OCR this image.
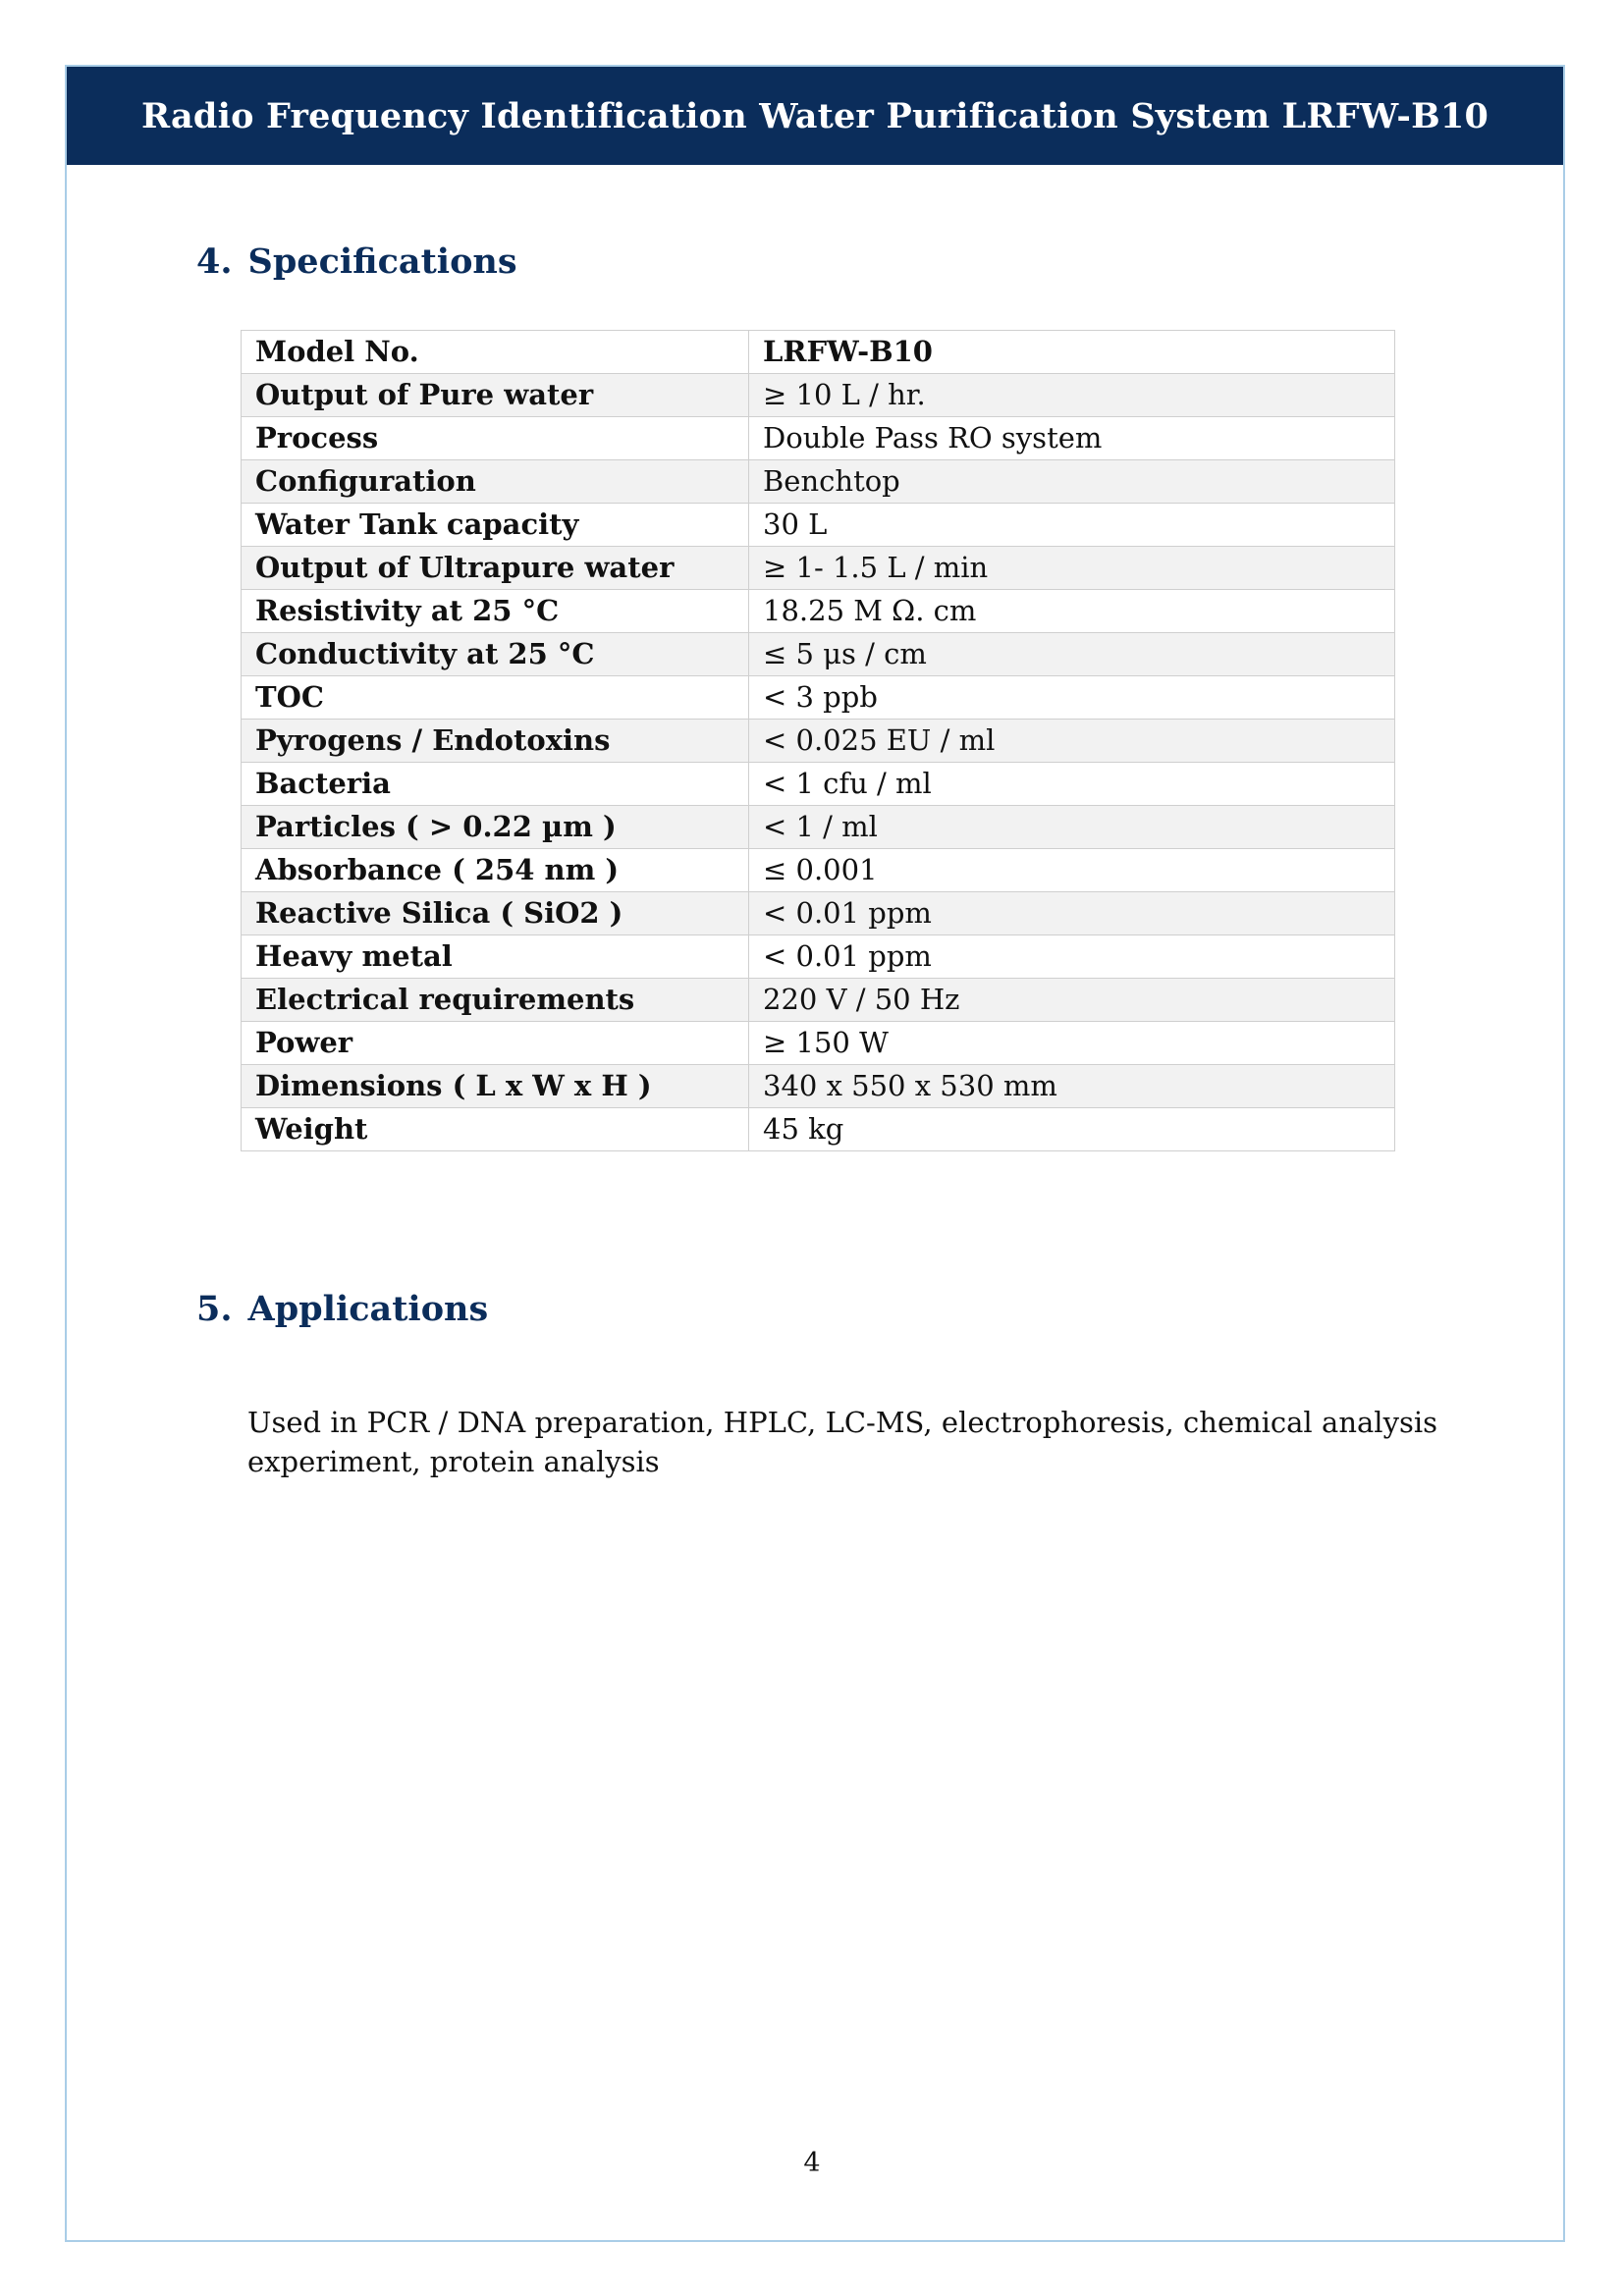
Radio Frequency Identification Water Purification System LRFW-B10
4. Specifications
Model No.	LRFW-B10
Output of Pure water	≥ 10 L / hr.
Process	Double Pass RO system
Configuration	Benchtop
Water Tank capacity	30 L
Output of Ultrapure water	≥ 1- 1.5 L / min
Resistivity at 25 °C	18.25 M Ω. cm
Conductivity at 25 °C	≤ 5 μs / cm
TOC	< 3 ppb
Pyrogens / Endotoxins	< 0.025 EU / ml
Bacteria	< 1 cfu / ml
Particles ( > 0.22 µm )	< 1 / ml
Absorbance ( 254 nm )	≤ 0.001
Reactive Silica ( SiO2 )	< 0.01 ppm
Heavy metal	< 0.01 ppm
Electrical requirements	220 V / 50 Hz
Power	≥ 150 W
Dimensions ( L x W x H )	340 x 550 x 530 mm
Weight	45 kg
5. Applications

Used in PCR / DNA preparation, HPLC, LC-MS, electrophoresis, chemical analysis experiment, protein analysis

4
